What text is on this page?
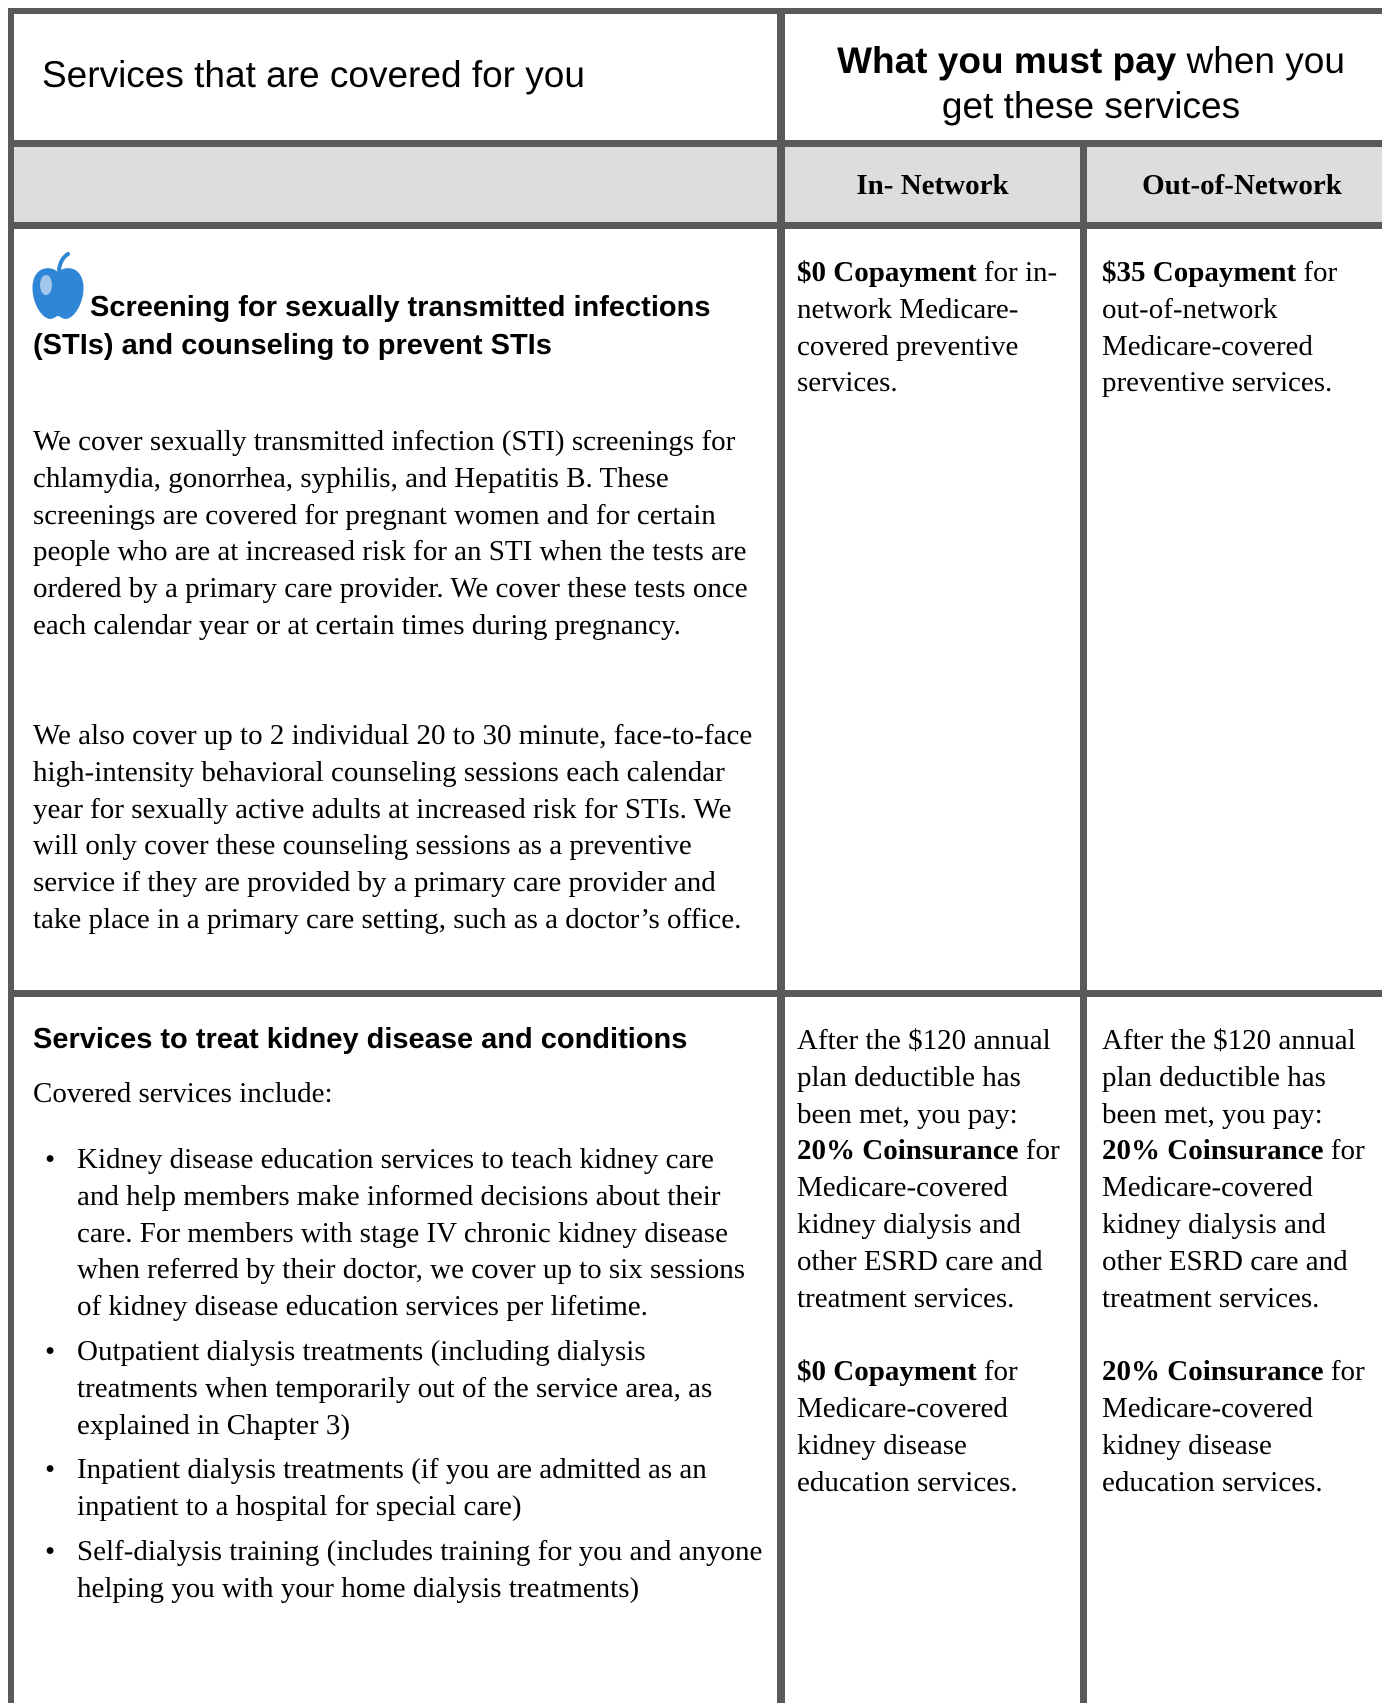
Services that are covered for you	What you must pay when you
get these services
In- Network	Out-of-Network
Screening for sexually transmitted infections (STIs) and counseling to prevent STIs
We cover sexually transmitted infection (STI) screenings for chlamydia, gonorrhea, syphilis, and Hepatitis B. These screenings are covered for pregnant women and for certain people who are at increased risk for an STI when the tests are ordered by a primary care provider. We cover these tests once each calendar year or at certain times during pregnancy.
We also cover up to 2 individual 20 to 30 minute, face-to-face high-intensity behavioral counseling sessions each calendar year for sexually active adults at increased risk for STIs. We will only cover these counseling sessions as a preventive service if they are provided by a primary care provider and take place in a primary care setting, such as a doctor’s office.
$0 Copayment for in-network Medicare-covered preventive services.
$35 Copayment for out-of-network Medicare-covered preventive services.
Services to treat kidney disease and conditions
Covered services include:
• Kidney disease education services to teach kidney care and help members make informed decisions about their care. For members with stage IV chronic kidney disease when referred by their doctor, we cover up to six sessions of kidney disease education services per lifetime.
• Outpatient dialysis treatments (including dialysis treatments when temporarily out of the service area, as explained in Chapter 3)
• Inpatient dialysis treatments (if you are admitted as an inpatient to a hospital for special care)
• Self-dialysis training (includes training for you and anyone helping you with your home dialysis treatments)
After the $120 annual plan deductible has been met, you pay: 20% Coinsurance for Medicare-covered kidney dialysis and other ESRD care and treatment services.
$0 Copayment for Medicare-covered kidney disease education services.
After the $120 annual plan deductible has been met, you pay: 20% Coinsurance for Medicare-covered kidney dialysis and other ESRD care and treatment services.
20% Coinsurance for Medicare-covered kidney disease education services.
